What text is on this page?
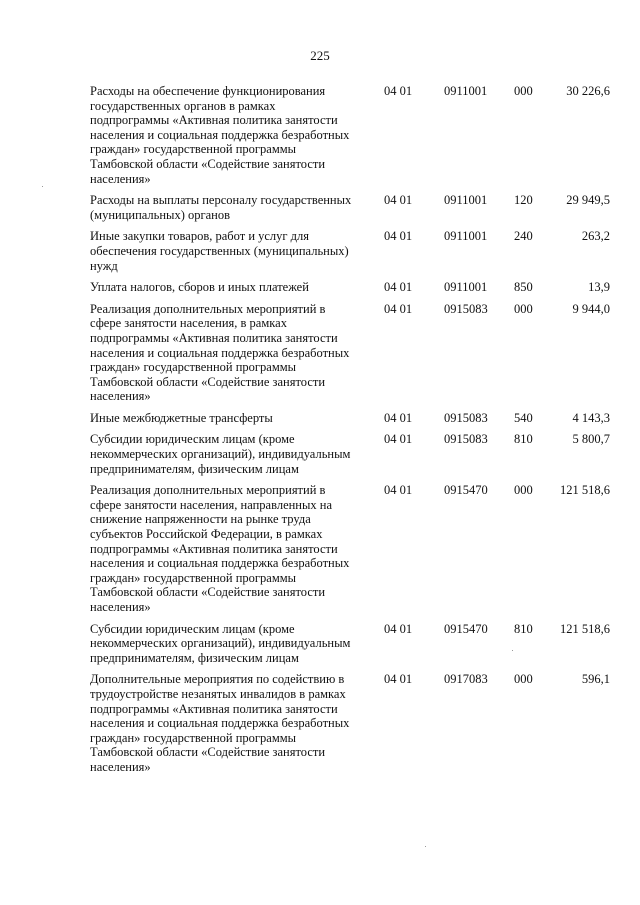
225
Расходы на обеспечение функционирования государственных органов в рамках подпрограммы «Активная политика занятости населения и социальная поддержка безработных граждан» государственной программы Тамбовской области «Содействие занятости населения»	04 01	0911001	000	30 226,6
Расходы на выплаты персоналу государственных (муниципальных) органов	04 01	0911001	120	29 949,5
Иные закупки товаров, работ и услуг для обеспечения государственных (муниципальных) нужд	04 01	0911001	240	263,2
Уплата налогов, сборов и иных платежей	04 01	0911001	850	13,9
Реализация дополнительных мероприятий в сфере занятости населения, в рамках подпрограммы «Активная политика занятости населения и социальная поддержка безработных граждан» государственной программы Тамбовской области «Содействие занятости населения»	04 01	0915083	000	9 944,0
Иные межбюджетные трансферты	04 01	0915083	540	4 143,3
Субсидии юридическим лицам (кроме некоммерческих организаций), индивидуальным предпринимателям, физическим лицам	04 01	0915083	810	5 800,7
Реализация дополнительных мероприятий в сфере занятости населения, направленных на снижение напряженности на рынке труда субъектов Российской Федерации, в рамках подпрограммы «Активная политика занятости населения и социальная поддержка безработных граждан» государственной программы Тамбовской области «Содействие занятости населения»	04 01	0915470	000	121 518,6
Субсидии юридическим лицам (кроме некоммерческих организаций), индивидуальным предпринимателям, физическим лицам	04 01	0915470	810	121 518,6
Дополнительные мероприятия по содействию в трудоустройстве незанятых инвалидов в рамках подпрограммы «Активная политика занятости населения и социальная поддержка безработных граждан» государственной программы Тамбовской области «Содействие занятости населения»	04 01	0917083	000	596,1
